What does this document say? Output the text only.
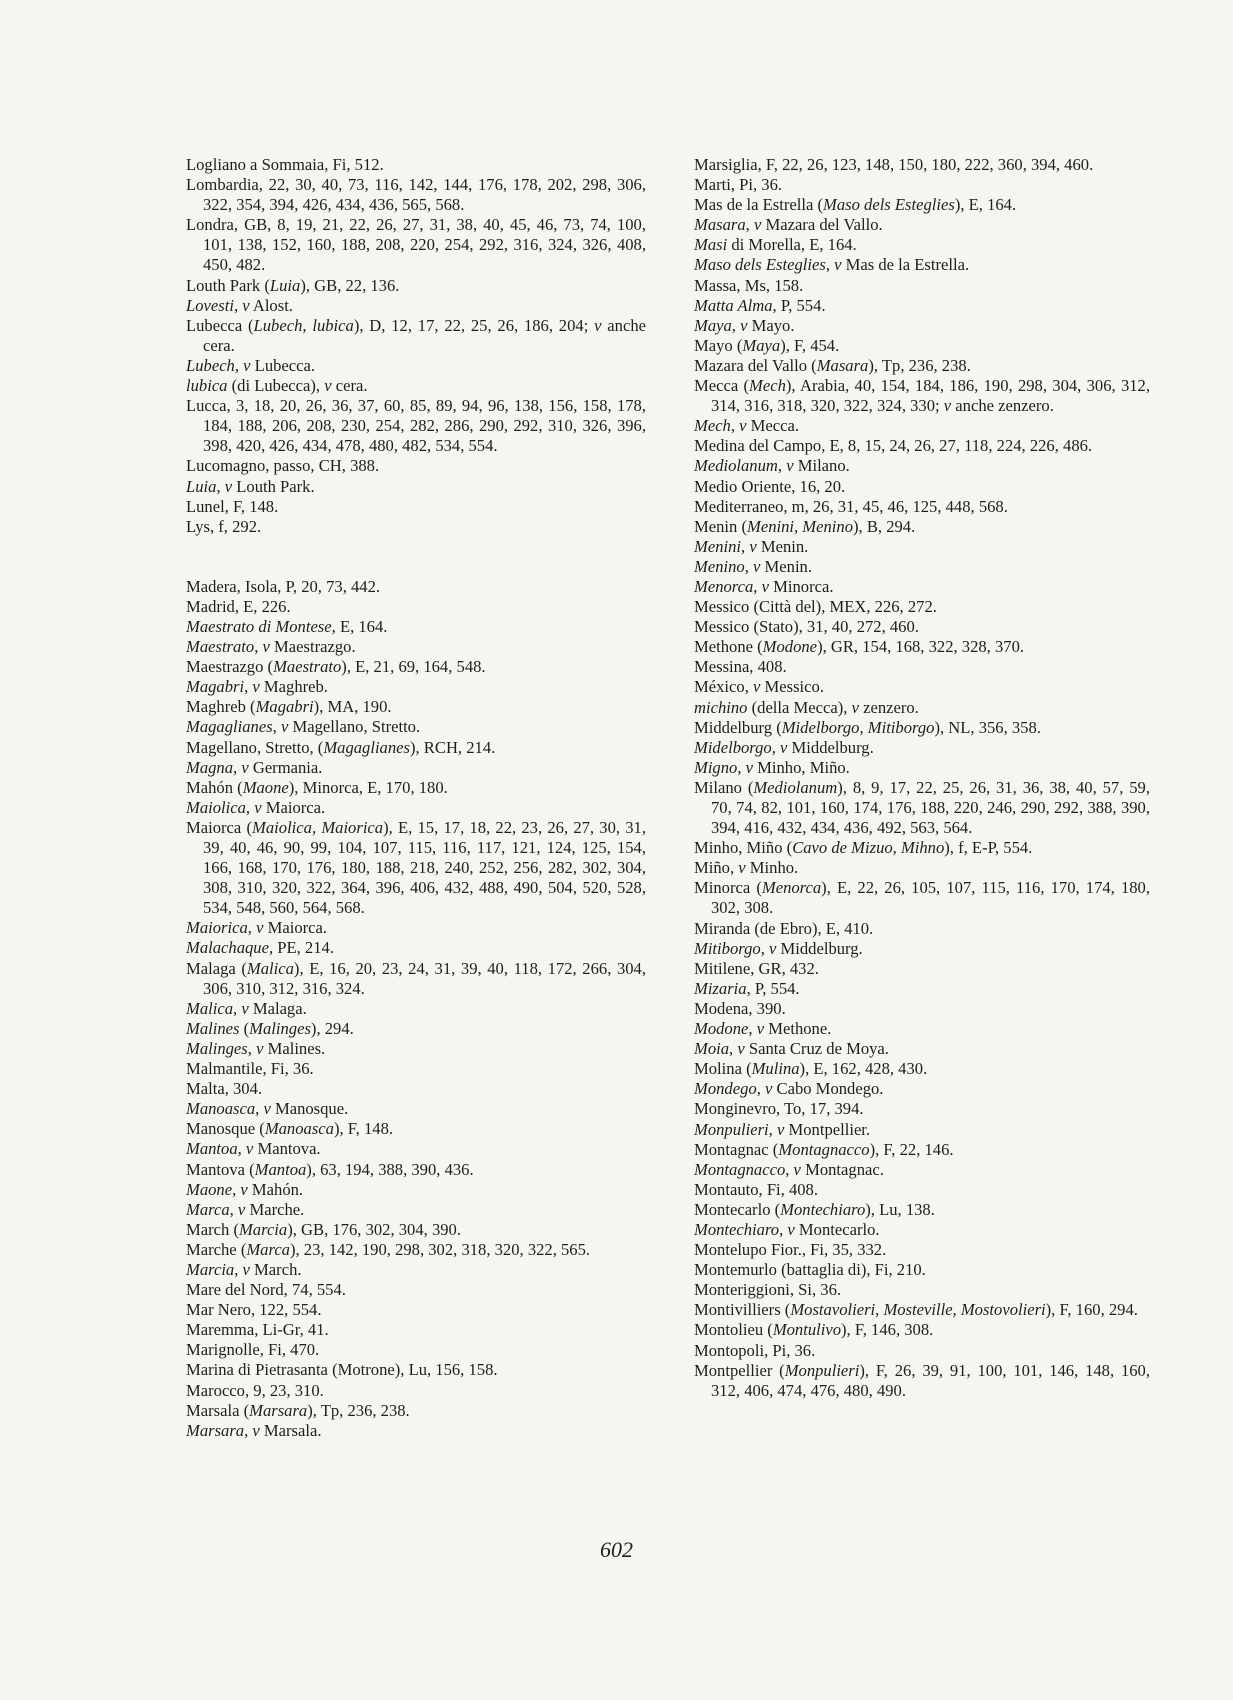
Logliano a Sommaia, Fi, 512.

Lombardia, 22, 30, 40, 73, 116, 142, 144, 176, 178, 202, 298, 306, 322, 354, 394, 426, 434, 436, 565, 568.

Londra, GB, 8, 19, 21, 22, 26, 27, 31, 38, 40, 45, 46, 73, 74, 100, 101, 138, 152, 160, 188, 208, 220, 254, 292, 316, 324, 326, 408, 450, 482.

Louth Park (Luia), GB, 22, 136.

Lovesti, v Alost.

Lubecca (Lubech, lubica), D, 12, 17, 22, 25, 26, 186, 204; v anche cera.

Lubech, v Lubecca.

lubica (di Lubecca), v cera.

Lucca, 3, 18, 20, 26, 36, 37, 60, 85, 89, 94, 96, 138, 156, 158, 178, 184, 188, 206, 208, 230, 254, 282, 286, 290, 292, 310, 326, 396, 398, 420, 426, 434, 478, 480, 482, 534, 554.

Lucomagno, passo, CH, 388.

Luia, v Louth Park.

Lunel, F, 148.

Lys, f, 292.

Madera, Isola, P, 20, 73, 442.

Madrid, E, 226.

Maestrato di Montese, E, 164.

Maestrato, v Maestrazgo.

Maestrazgo (Maestrato), E, 21, 69, 164, 548.

Magabri, v Maghreb.

Maghreb (Magabri), MA, 190.

Magaglianes, v Magellano, Stretto.

Magellano, Stretto, (Magaglianes), RCH, 214.

Magna, v Germania.

Mahón (Maone), Minorca, E, 170, 180.

Maiolica, v Maiorca.

Maiorca (Maiolica, Maiorica), E, 15, 17, 18, 22, 23, 26, 27, 30, 31, 39, 40, 46, 90, 99, 104, 107, 115, 116, 117, 121, 124, 125, 154, 166, 168, 170, 176, 180, 188, 218, 240, 252, 256, 282, 302, 304, 308, 310, 320, 322, 364, 396, 406, 432, 488, 490, 504, 520, 528, 534, 548, 560, 564, 568.

Maiorica, v Maiorca.

Malachaque, PE, 214.

Malaga (Malica), E, 16, 20, 23, 24, 31, 39, 40, 118, 172, 266, 304, 306, 310, 312, 316, 324.

Malica, v Malaga.

Malines (Malinges), 294.

Malinges, v Malines.

Malmantile, Fi, 36.

Malta, 304.

Manoasca, v Manosque.

Manosque (Manoasca), F, 148.

Mantoa, v Mantova.

Mantova (Mantoa), 63, 194, 388, 390, 436.

Maone, v Mahón.

Marca, v Marche.

March (Marcia), GB, 176, 302, 304, 390.

Marche (Marca), 23, 142, 190, 298, 302, 318, 320, 322, 565.

Marcia, v March.

Mare del Nord, 74, 554.

Mar Nero, 122, 554.

Maremma, Li-Gr, 41.

Marignolle, Fi, 470.

Marina di Pietrasanta (Motrone), Lu, 156, 158.

Marocco, 9, 23, 310.

Marsala (Marsara), Tp, 236, 238.

Marsara, v Marsala.

Marsiglia, F, 22, 26, 123, 148, 150, 180, 222, 360, 394, 460.

Marti, Pi, 36.

Mas de la Estrella (Maso dels Esteglies), E, 164.

Masara, v Mazara del Vallo.

Masi di Morella, E, 164.

Maso dels Esteglies, v Mas de la Estrella.

Massa, Ms, 158.

Matta Alma, P, 554.

Maya, v Mayo.

Mayo (Maya), F, 454.

Mazara del Vallo (Masara), Tp, 236, 238.

Mecca (Mech), Arabia, 40, 154, 184, 186, 190, 298, 304, 306, 312, 314, 316, 318, 320, 322, 324, 330; v anche zenzero.

Mech, v Mecca.

Medina del Campo, E, 8, 15, 24, 26, 27, 118, 224, 226, 486.

Mediolanum, v Milano.

Medio Oriente, 16, 20.

Mediterraneo, m, 26, 31, 45, 46, 125, 448, 568.

Menin (Menini, Menino), B, 294.

Menini, v Menin.

Menino, v Menin.

Menorca, v Minorca.

Messico (Città del), MEX, 226, 272.

Messico (Stato), 31, 40, 272, 460.

Methone (Modone), GR, 154, 168, 322, 328, 370.

Messina, 408.

México, v Messico.

michino (della Mecca), v zenzero.

Middelburg (Midelborgo, Mitiborgo), NL, 356, 358.

Midelborgo, v Middelburg.

Migno, v Minho, Miño.

Milano (Mediolanum), 8, 9, 17, 22, 25, 26, 31, 36, 38, 40, 57, 59, 70, 74, 82, 101, 160, 174, 176, 188, 220, 246, 290, 292, 388, 390, 394, 416, 432, 434, 436, 492, 563, 564.

Minho, Miño (Cavo de Mizuo, Mihno), f, E-P, 554.

Miño, v Minho.

Minorca (Menorca), E, 22, 26, 105, 107, 115, 116, 170, 174, 180, 302, 308.

Miranda (de Ebro), E, 410.

Mitiborgo, v Middelburg.

Mitilene, GR, 432.

Mizaria, P, 554.

Modena, 390.

Modone, v Methone.

Moia, v Santa Cruz de Moya.

Molina (Mulina), E, 162, 428, 430.

Mondego, v Cabo Mondego.

Monginevro, To, 17, 394.

Monpulieri, v Montpellier.

Montagnac (Montagnacco), F, 22, 146.

Montagnacco, v Montagnac.

Montauto, Fi, 408.

Montecarlo (Montechiaro), Lu, 138.

Montechiaro, v Montecarlo.

Montelupo Fior., Fi, 35, 332.

Montemurlo (battaglia di), Fi, 210.

Monteriggioni, Si, 36.

Montivilliers (Mostavolieri, Mosteville, Mostovolieri), F, 160, 294.

Montolieu (Montulivo), F, 146, 308.

Montopoli, Pi, 36.

Montpellier (Monpulieri), F, 26, 39, 91, 100, 101, 146, 148, 160, 312, 406, 474, 476, 480, 490.

602
